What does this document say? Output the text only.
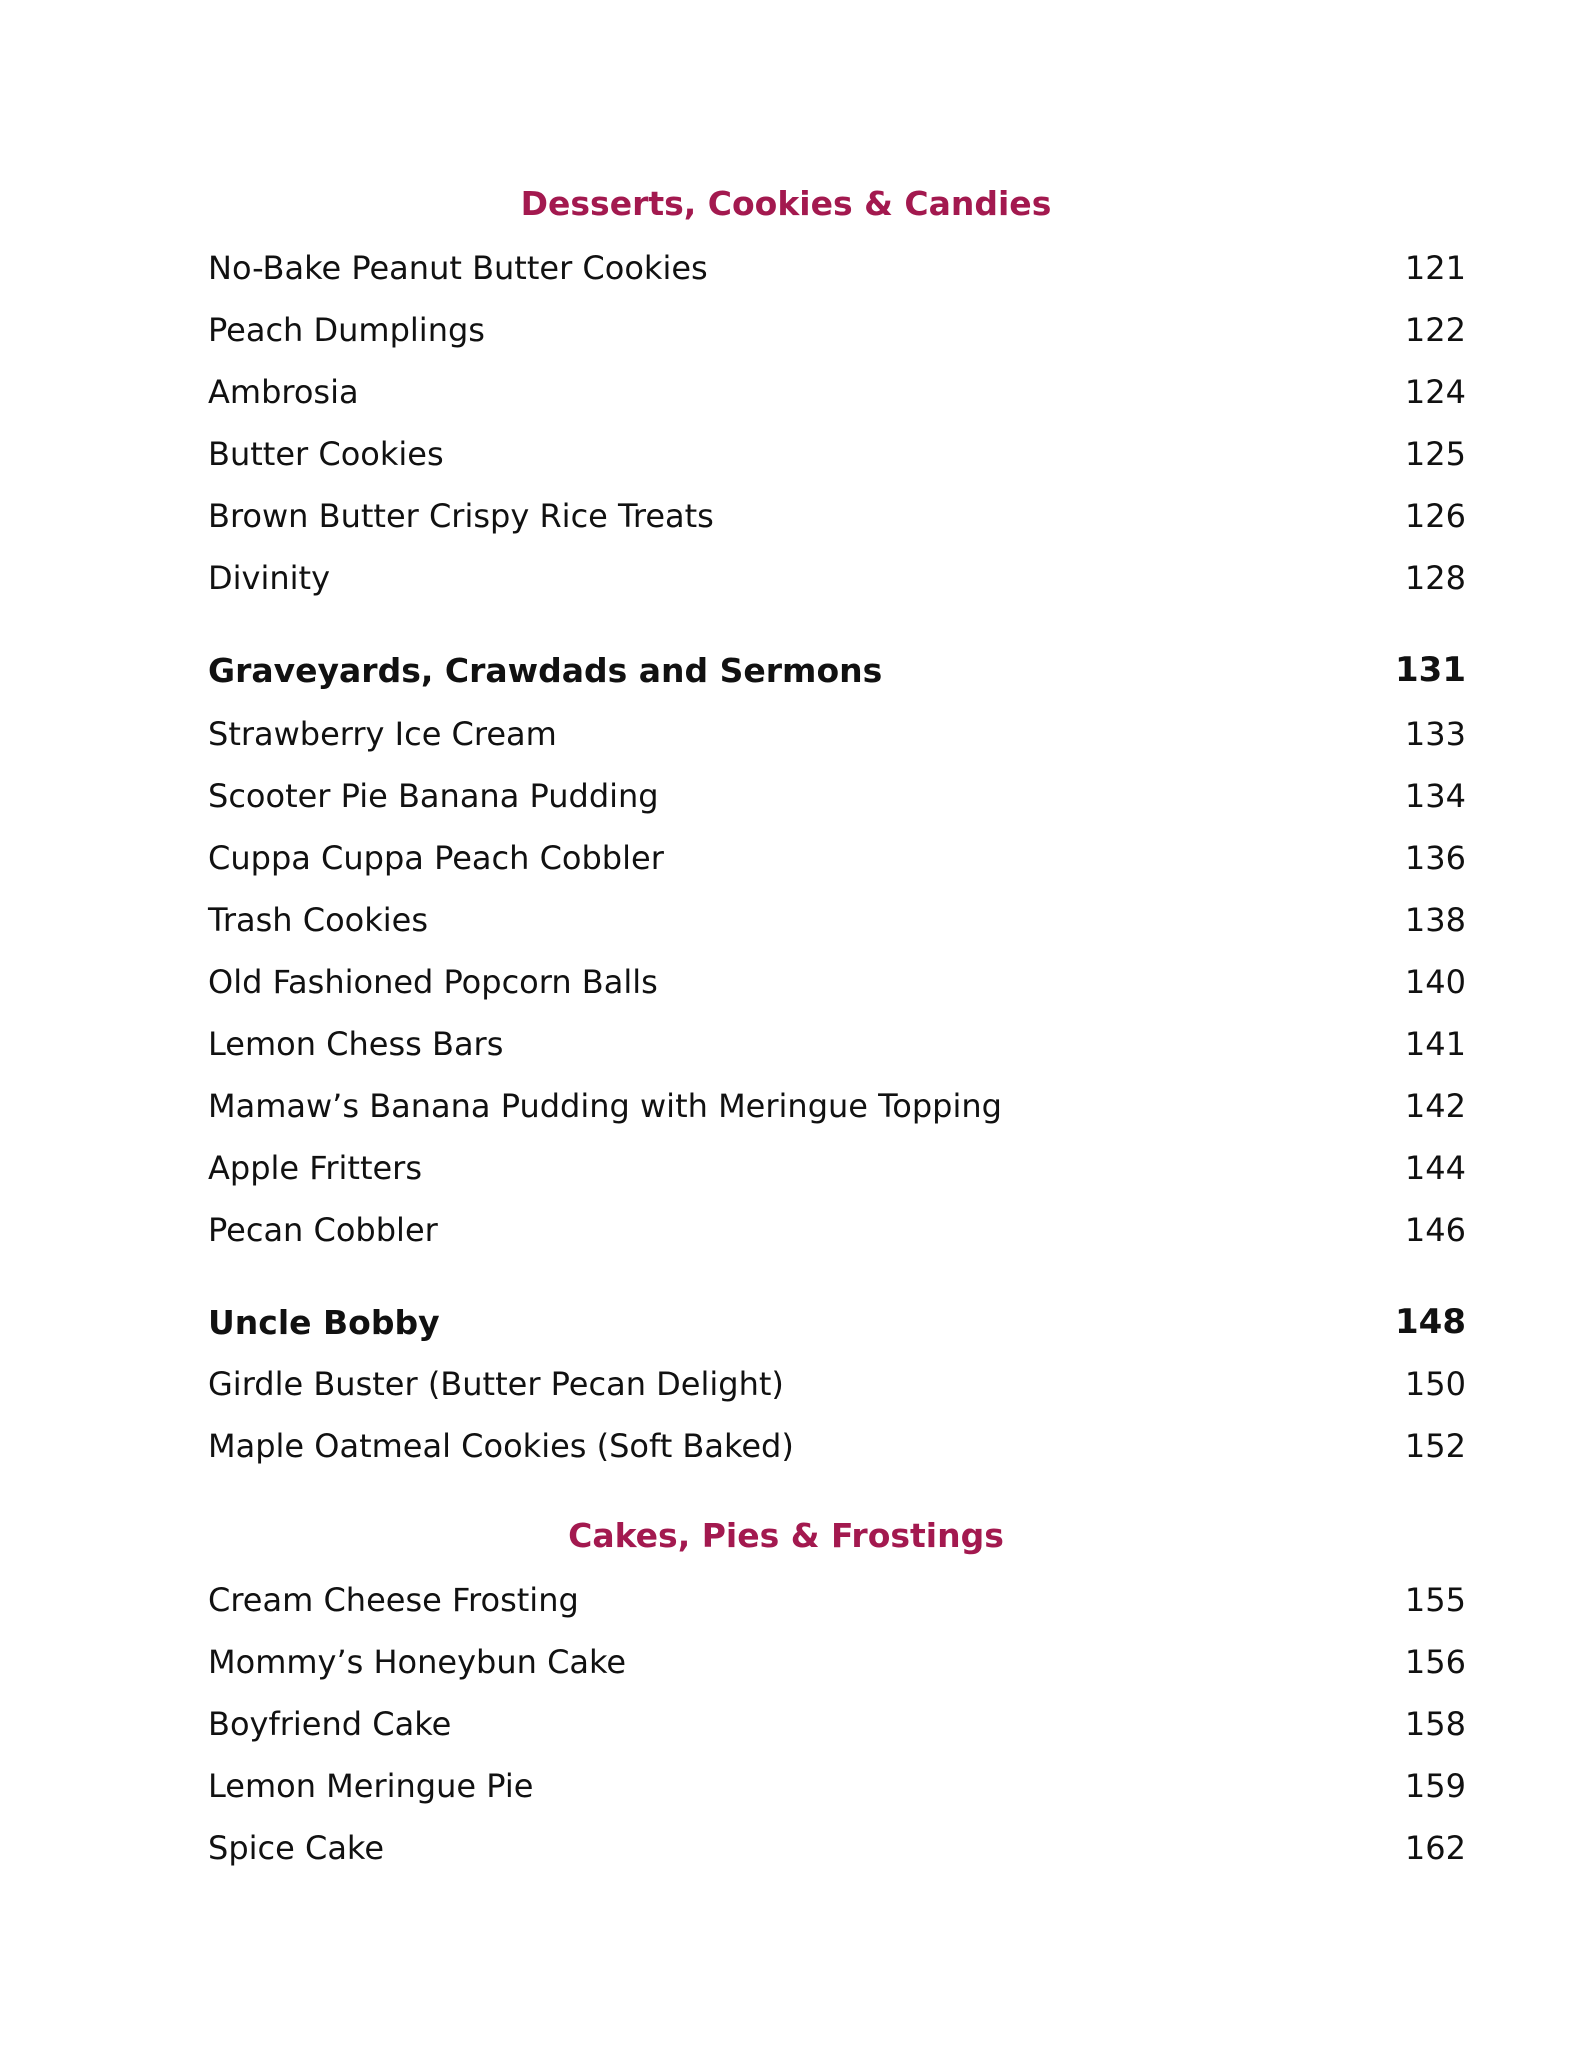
Desserts, Cookies & Candies
No-Bake Peanut Butter Cookies	121
Peach Dumplings	122
Ambrosia	124
Butter Cookies	125
Brown Butter Crispy Rice Treats	126
Divinity	128
Graveyards, Crawdads and Sermons	131
Strawberry Ice Cream	133
Scooter Pie Banana Pudding	134
Cuppa Cuppa Peach Cobbler	136
Trash Cookies	138
Old Fashioned Popcorn Balls	140
Lemon Chess Bars	141
Mamaw’s Banana Pudding with Meringue Topping	142
Apple Fritters	144
Pecan Cobbler	146
Uncle Bobby	148
Girdle Buster (Butter Pecan Delight)	150
Maple Oatmeal Cookies (Soft Baked)	152
Cakes, Pies & Frostings
Cream Cheese Frosting	155
Mommy’s Honeybun Cake	156
Boyfriend Cake	158
Lemon Meringue Pie	159
Spice Cake	162
